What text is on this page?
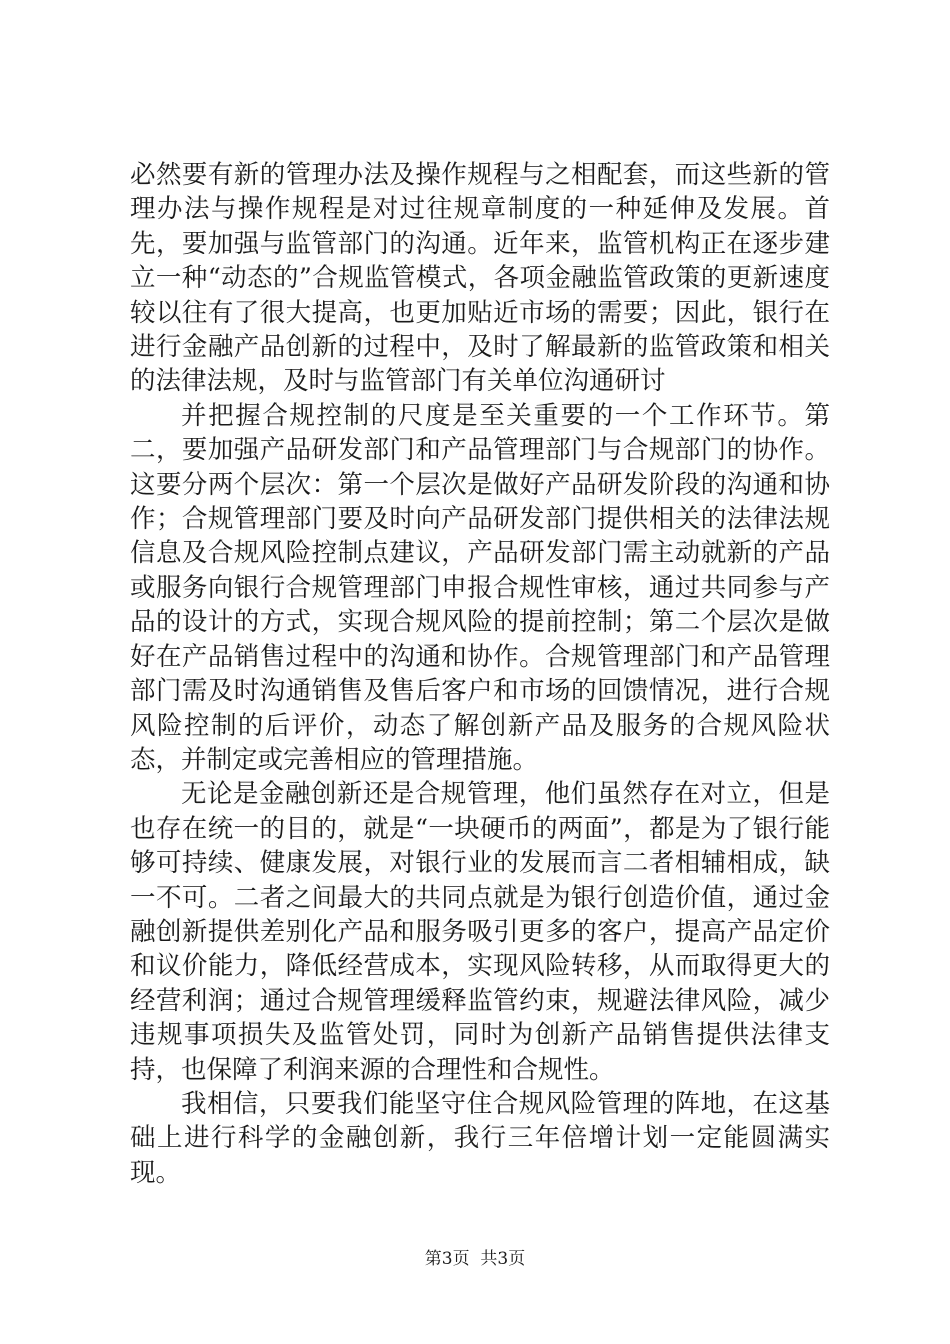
必然要有新的管理办法及操作规程与之相配套，而这些新的管理办法与操作规程是对过往规章制度的一种延伸及发展。首先，要加强与监管部门的沟通。近年来，监管机构正在逐步建立一种“动态的”合规监管模式，各项金融监管政策的更新速度较以往有了很大提高，也更加贴近市场的需要；因此，银行在进行金融产品创新的过程中，及时了解最新的监管政策和相关的法律法规，及时与监管部门有关单位沟通研讨

并把握合规控制的尺度是至关重要的一个工作环节。第二，要加强产品研发部门和产品管理部门与合规部门的协作。这要分两个层次：第一个层次是做好产品研发阶段的沟通和协作；合规管理部门要及时向产品研发部门提供相关的法律法规信息及合规风险控制点建议，产品研发部门需主动就新的产品或服务向银行合规管理部门申报合规性审核，通过共同参与产品的设计的方式，实现合规风险的提前控制；第二个层次是做好在产品销售过程中的沟通和协作。合规管理部门和产品管理部门需及时沟通销售及售后客户和市场的回馈情况，进行合规风险控制的后评价，动态了解创新产品及服务的合规风险状态，并制定或完善相应的管理措施。

无论是金融创新还是合规管理，他们虽然存在对立，但是也存在统一的目的，就是“一块硬币的两面”，都是为了银行能够可持续、健康发展，对银行业的发展而言二者相辅相成，缺一不可。二者之间最大的共同点就是为银行创造价值，通过金融创新提供差别化产品和服务吸引更多的客户，提高产品定价和议价能力，降低经营成本，实现风险转移，从而取得更大的经营利润；通过合规管理缓释监管约束，规避法律风险，减少违规事项损失及监管处罚，同时为创新产品销售提供法律支持，也保障了利润来源的合理性和合规性。

我相信，只要我们能坚守住合规风险管理的阵地，在这基础上进行科学的金融创新，我行三年倍增计划一定能圆满实现。

第3页  共3页
